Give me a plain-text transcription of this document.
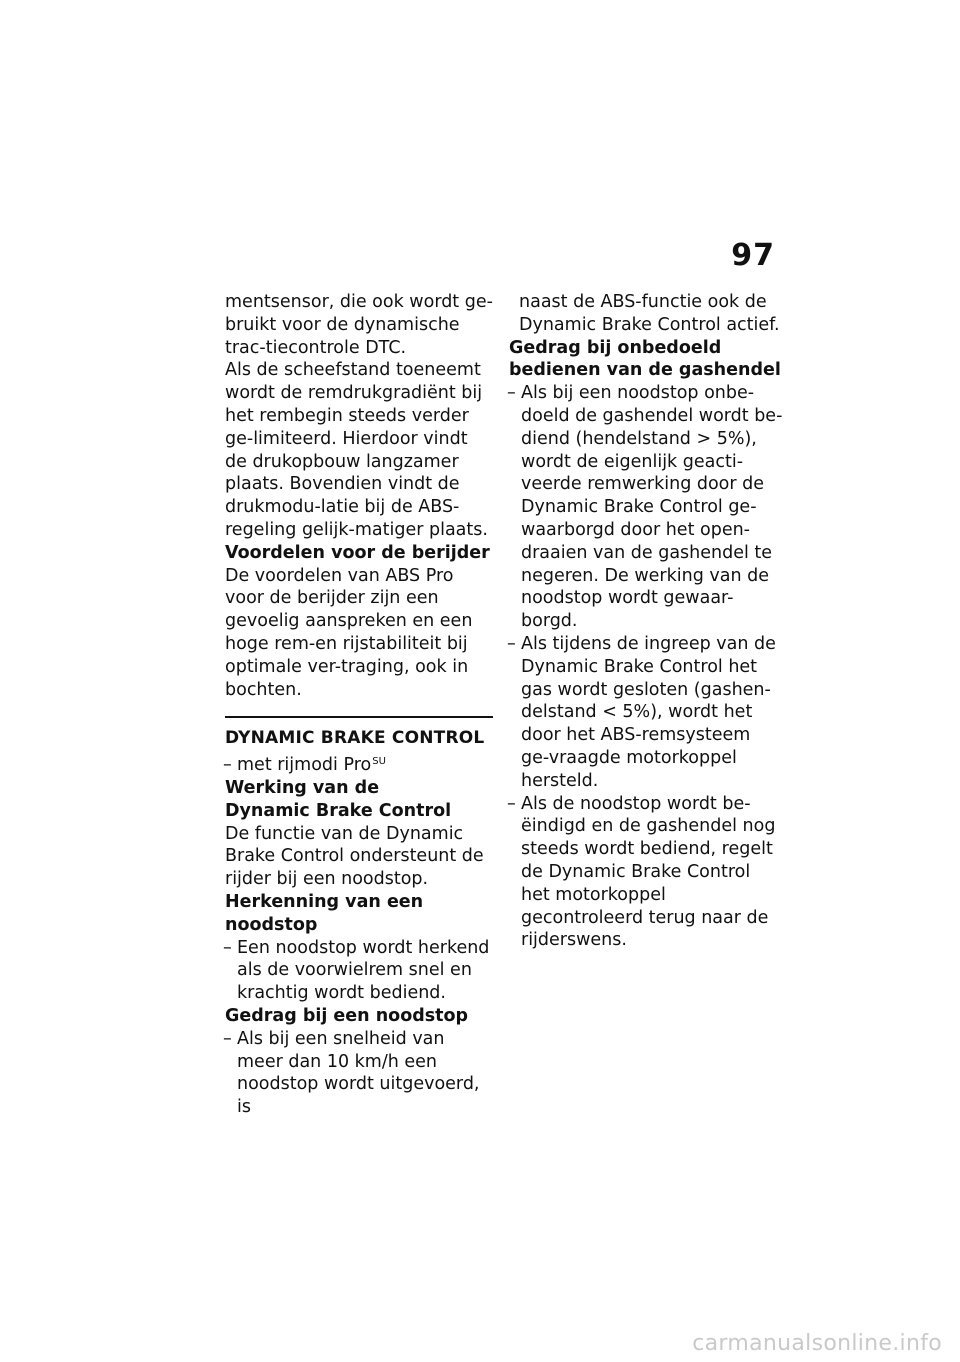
97

mentsensor, die ook wordt ge-bruikt voor de dynamische trac-tiecontrole DTC.

Als de scheefstand toeneemt wordt de remdrukgradiënt bij het rembegin steeds verder ge-limiteerd. Hierdoor vindt de drukopbouw langzamer plaats. Bovendien vindt de drukmodu-latie bij de ABS-regeling gelijk-matiger plaats.

Voordelen voor de berijder

De voordelen van ABS Pro voor de berijder zijn een gevoelig aanspreken en een hoge rem-en rijstabiliteit bij optimale ver-traging, ook in bochten.

DYNAMIC BRAKE CONTROL
– met rijmodi Pro$^{SU}$

Werking van de

Dynamic Brake Control

De functie van de Dynamic Brake Control ondersteunt de rijder bij een noodstop.

Herkenning van een noodstop

– Een noodstop wordt herkend als de voorwielrem snel en krachtig wordt bediend.

Gedrag bij een noodstop

– Als bij een snelheid van meer dan 10 km/h een noodstop wordt uitgevoerd, is

naast de ABS-functie ook de Dynamic Brake Control actief.

Gedrag bij onbedoeld

bedienen van de gashendel

– Als bij een noodstop onbe-doeld de gashendel wordt be-diend (hendelstand > 5%), wordt de eigenlijk geacti-veerde remwerking door de Dynamic Brake Control ge-waarborgd door het open-draaien van de gashendel te negeren. De werking van de noodstop wordt gewaar-borgd.
– Als tijdens de ingreep van de Dynamic Brake Control het gas wordt gesloten (gashen-delstand < 5%), wordt het door het ABS-remsysteem ge-vraagde motorkoppel hersteld.
– Als de noodstop wordt be-ëindigd en de gashendel nog steeds wordt bediend, regelt de Dynamic Brake Control het motorkoppel gecontroleerd terug naar de rijderswens.
carmanualsonline.info
